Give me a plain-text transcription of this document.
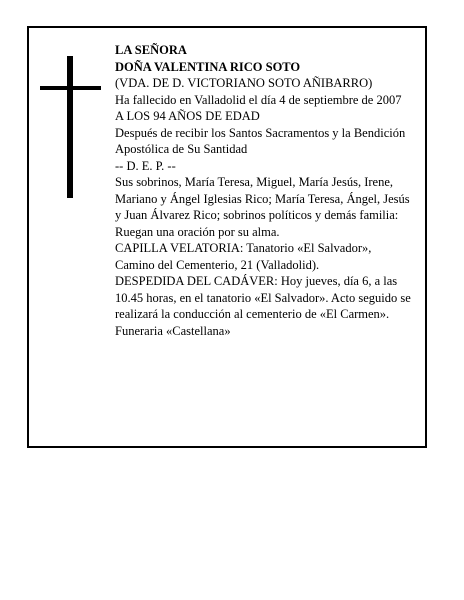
LA SEÑORA
DOÑA VALENTINA RICO SOTO
(VDA. DE D. VICTORIANO SOTO AÑIBARRO)
Ha fallecido en Valladolid el día 4 de septiembre de 2007
A LOS 94 AÑOS DE EDAD
Después de recibir los Santos Sacramentos y la Bendición Apostólica de Su Santidad
-- D. E. P. --
Sus sobrinos, María Teresa, Miguel, María Jesús, Irene, Mariano y Ángel Iglesias Rico; María Teresa, Ángel, Jesús y Juan Álvarez Rico; sobrinos políticos y demás familia:
Ruegan una oración por su alma.
CAPILLA VELATORIA: Tanatorio «El Salvador», Camino del Cementerio, 21 (Valladolid).
DESPEDIDA DEL CADÁVER: Hoy jueves, día 6, a las 10.45 horas, en el tanatorio «El Salvador». Acto seguido se realizará la conducción al cementerio de «El Carmen».
Funeraria «Castellana»
